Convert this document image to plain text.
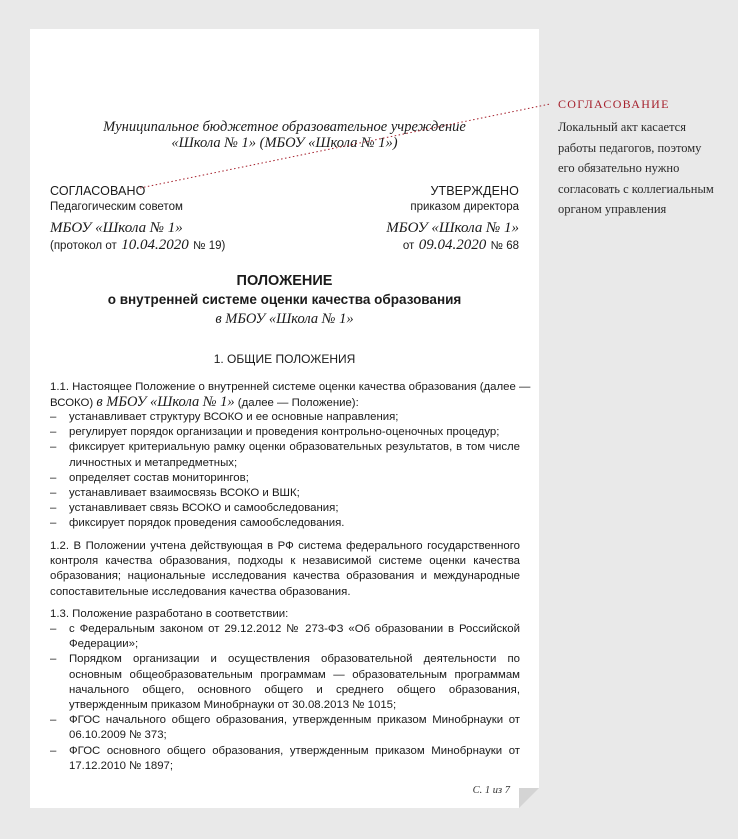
Муниципальное бюджетное образовательное учреждение
«Школа № 1» (МБОУ «Школа № 1»)
СОГЛАСОВАНО
Педагогическим советом
МБОУ «Школа № 1»
(протокол от 10.04.2020 № 19)
УТВЕРЖДЕНО
приказом директора
МБОУ «Школа № 1»
от 09.04.2020 № 68
ПОЛОЖЕНИЕ
о внутренней системе оценки качества образования
в МБОУ «Школа № 1»
1. ОБЩИЕ ПОЛОЖЕНИЯ
1.1. Настоящее Положение о внутренней системе оценки качества образования (далее —
ВСОКО) в МБОУ «Школа № 1» (далее — Положение):
– устанавливает структуру ВСОКО и ее основные направления;
– регулирует порядок организации и проведения контрольно-оценочных процедур;
– фиксирует критериальную рамку оценки образовательных результатов, в том числе личностных и метапредметных;
– определяет состав мониторингов;
– устанавливает взаимосвязь ВСОКО и ВШК;
– устанавливает связь ВСОКО и самообследования;
– фиксирует порядок проведения самообследования.
1.2. В Положении учтена действующая в РФ система федерального государственного контроля качества образования, подходы к независимой системе оценки качества образования; национальные исследования качества образования и международные сопоставительные исследования качества образования.
1.3. Положение разработано в соответствии:
– с Федеральным законом от 29.12.2012 № 273-ФЗ «Об образовании в Российской Федерации»;
– Порядком организации и осуществления образовательной деятельности по основным общеобразовательным программам — образовательным программам начального общего, основного общего и среднего общего образования, утвержденным приказом Минобрнауки от 30.08.2013 № 1015;
– ФГОС начального общего образования, утвержденным приказом Минобрнауки от 06.10.2009 № 373;
– ФГОС основного общего образования, утвержденным приказом Минобрнауки от 17.12.2010 № 1897;
С. 1 из 7
СОГЛАСОВАНИЕ
Локальный акт касается работы педагогов, поэтому его обязательно нужно согласовать с коллегиальным органом управления
